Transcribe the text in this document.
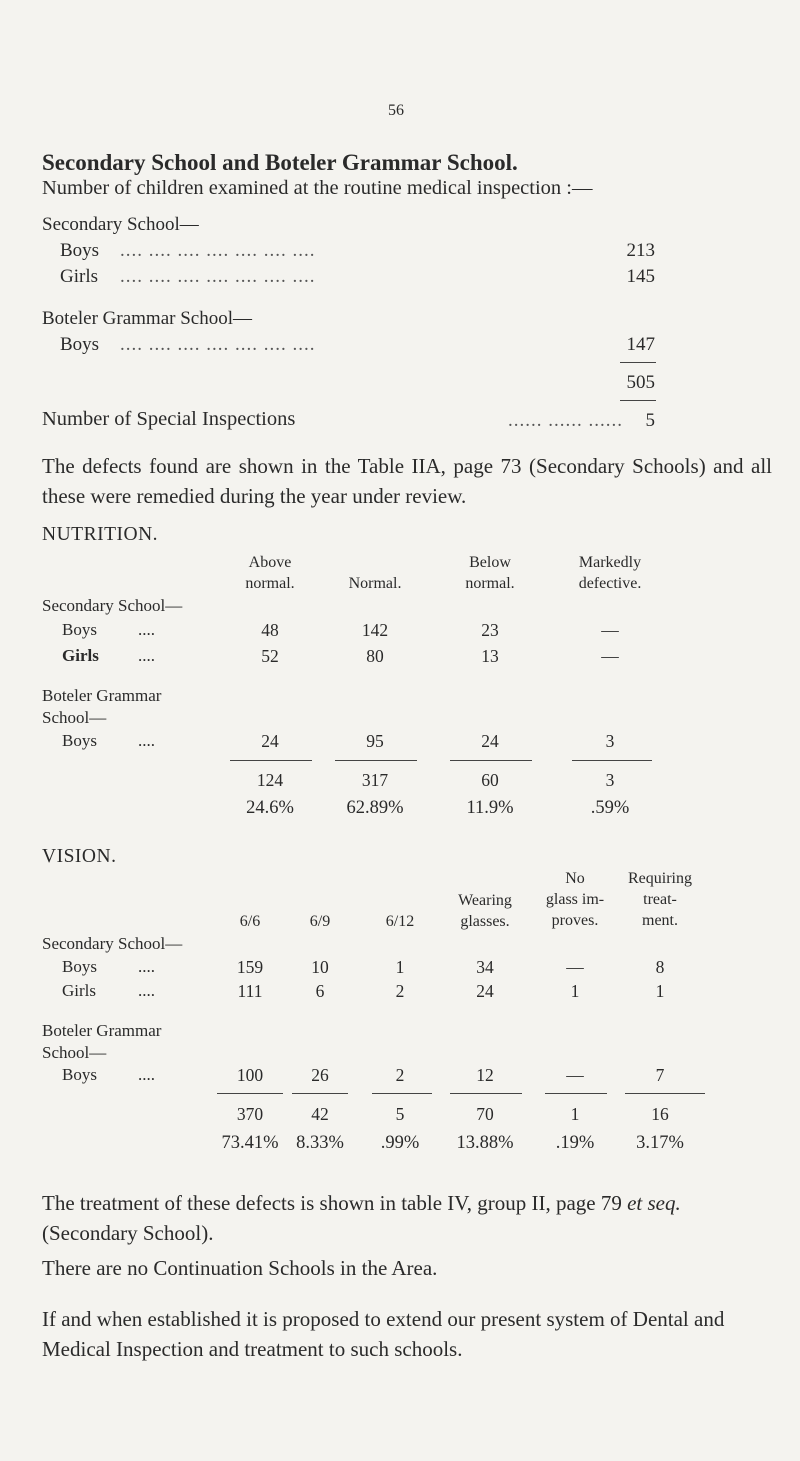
56
Secondary School and Boteler Grammar School.
Number of children examined at the routine medical inspection :—
Secondary School—
Boys .... .... .... .... .... .... ....	213
Girls .... .... .... .... .... .... ....	145
Boteler Grammar School—
Boys .... .... .... .... .... .... ....	147
505
Number of Special Inspections	...... ...... ......	5
The defects found are shown in the Table IIA, page 73 (Secondary Schools) and all these were remedied during the year under review.
NUTRITION.
Above
normal.	Normal.
Below
normal.
Markedly
defective.
Secondary School—
Boys ....	48	142	23	—
Girls ....	52	80	13	—
Boteler Grammar
School—
Boys ....	24	95	24	3
124	317	60	3
24.6%	62.89%	11.9%	.59%
VISION.
6/6	6/9	6/12
Wearing
glasses.
No
glass im-
proves.
Requiring
treat-
ment.
Secondary School—
Boys ....	159	10	1	34	—	8
Girls ....	111	6	2	24	1	1
Boteler Grammar
School—
Boys ....	100	26	2	12	—	7
370	42	5	70	1	16
73.41% 8.33%	.99%	13.88%	.19%	3.17%
The treatment of these defects is shown in table IV, group II, page 79 et seq. (Secondary School).
There are no Continuation Schools in the Area.
If and when established it is proposed to extend our present system of Dental and Medical Inspection and treatment to such schools.
